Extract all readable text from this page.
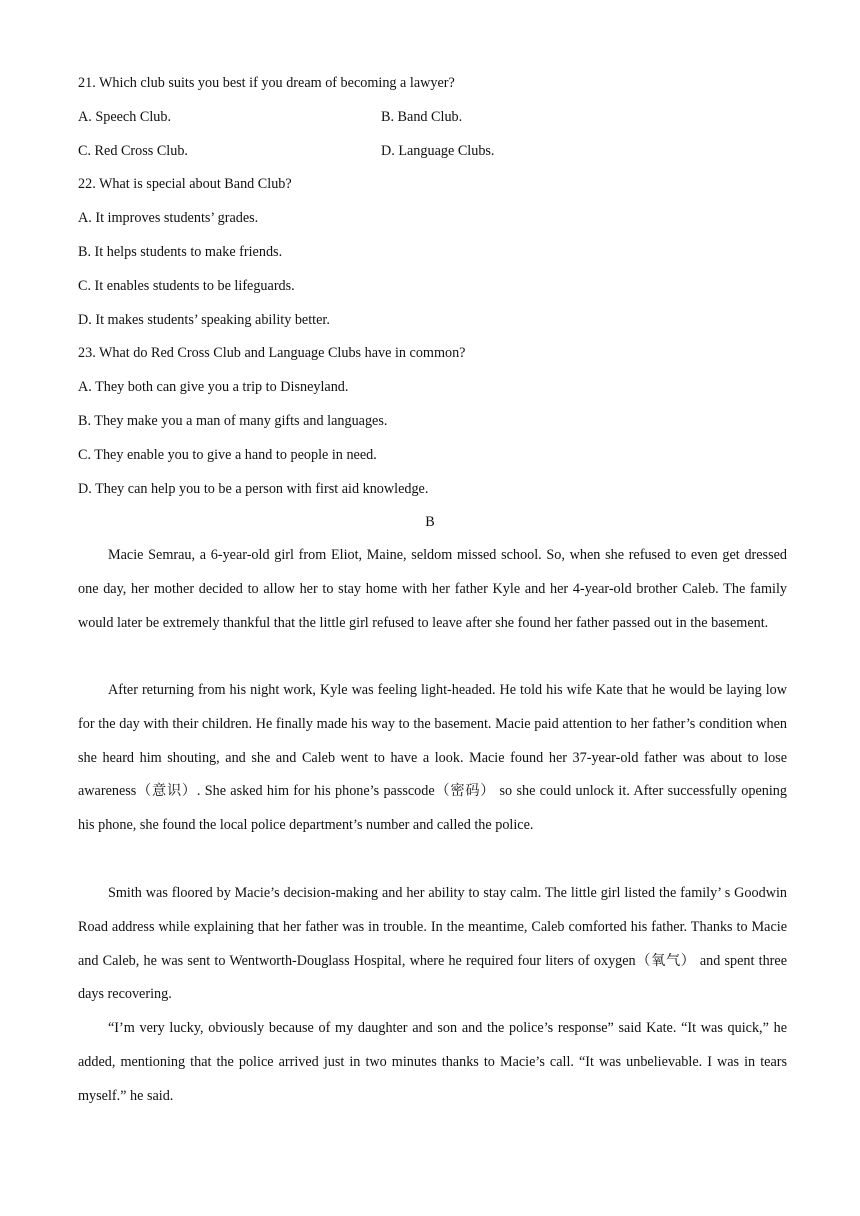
21. Which club suits you best if you dream of becoming a lawyer?
A. Speech Club.	B. Band Club.
C. Red Cross Club.	D. Language Clubs.
22. What is special about Band Club?
A. It improves students’ grades.
B. It helps students to make friends.
C. It enables students to be lifeguards.
D. It makes students’ speaking ability better.
23. What do Red Cross Club and Language Clubs have in common?
A. They both can give you a trip to Disneyland.
B. They make you a man of many gifts and languages.
C. They enable you to give a hand to people in need.
D. They can help you to be a person with first aid knowledge.
B

Macie Semrau, a 6-year-old girl from Eliot, Maine, seldom missed school. So, when she refused to even get dressed one day, her mother decided to allow her to stay home with her father Kyle and her 4-year-old brother Caleb. The family would later be extremely thankful that the little girl refused to leave after she found her father passed out in the basement.

After returning from his night work, Kyle was feeling light-headed. He told his wife Kate that he would be laying low for the day with their children. He finally made his way to the basement. Macie paid attention to her father’s condition when she heard him shouting, and she and Caleb went to have a look. Macie found her 37-year-old father was about to lose awareness（意识）. She asked him for his phone’s passcode（密码） so she could unlock it. After successfully opening his phone, she found the local police department’s number and called the police.

Smith was floored by Macie’s decision-making and her ability to stay calm. The little girl listed the family’ s Goodwin Road address while explaining that her father was in trouble. In the meantime, Caleb comforted his father. Thanks to Macie and Caleb, he was sent to Wentworth-Douglass Hospital, where he required four liters of oxygen（氧气） and spent three days recovering.

“I’m very lucky, obviously because of my daughter and son and the police’s response” said Kate. “It was quick,” he added, mentioning that the police arrived just in two minutes thanks to Macie’s call. “It was unbelievable. I was in tears myself.” he said.
